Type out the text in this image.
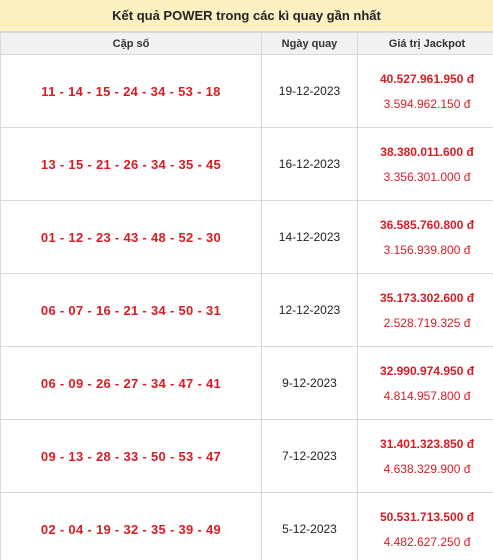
Kết quả POWER trong các kì quay gần nhất
Cặp số	Ngày quay	Giá trị Jackpot
11 - 14 - 15 - 24 - 34 - 53 - 18	19-12-2023	40.527.961.950 đ
3.594.962.150 đ

13 - 15 - 21 - 26 - 34 - 35 - 45	16-12-2023	38.380.011.600 đ
3.356.301.000 đ

01 - 12 - 23 - 43 - 48 - 52 - 30	14-12-2023	36.585.760.800 đ
3.156.939.800 đ

06 - 07 - 16 - 21 - 34 - 50 - 31	12-12-2023	35.173.302.600 đ
2.528.719.325 đ

06 - 09 - 26 - 27 - 34 - 47 - 41	9-12-2023	32.990.974.950 đ
4.814.957.800 đ

09 - 13 - 28 - 33 - 50 - 53 - 47	7-12-2023	31.401.323.850 đ
4.638.329.900 đ

02 - 04 - 19 - 32 - 35 - 39 - 49	5-12-2023	50.531.713.500 đ
4.482.627.250 đ
